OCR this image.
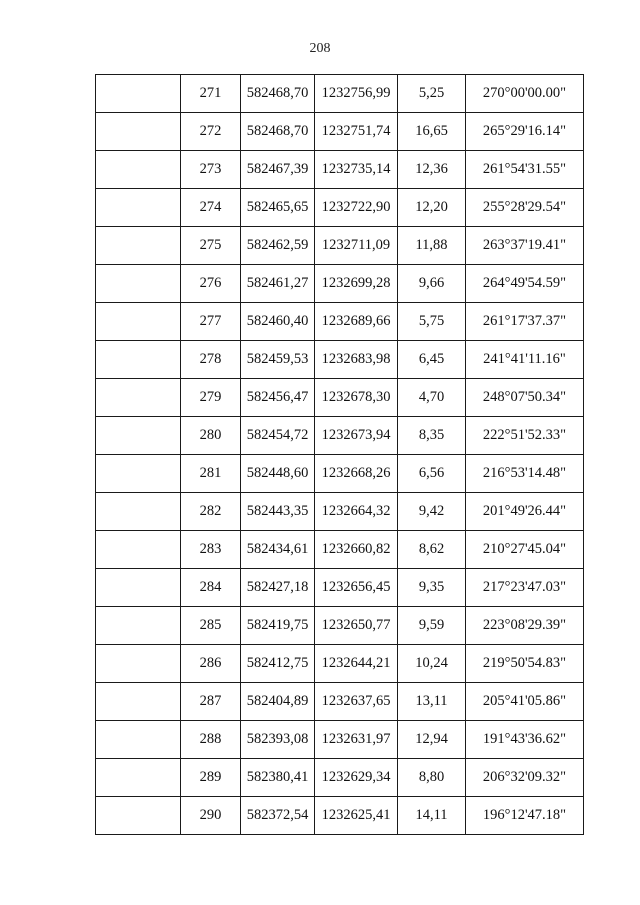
208

	271	582468,70	1232756,99	5,25	270°00'00.00"

	272	582468,70	1232751,74	16,65	265°29'16.14"

	273	582467,39	1232735,14	12,36	261°54'31.55"

	274	582465,65	1232722,90	12,20	255°28'29.54"

	275	582462,59	1232711,09	11,88	263°37'19.41"

	276	582461,27	1232699,28	9,66	264°49'54.59"

	277	582460,40	1232689,66	5,75	261°17'37.37"

	278	582459,53	1232683,98	6,45	241°41'11.16"

	279	582456,47	1232678,30	4,70	248°07'50.34"

	280	582454,72	1232673,94	8,35	222°51'52.33"

	281	582448,60	1232668,26	6,56	216°53'14.48"

	282	582443,35	1232664,32	9,42	201°49'26.44"

	283	582434,61	1232660,82	8,62	210°27'45.04"

	284	582427,18	1232656,45	9,35	217°23'47.03"

	285	582419,75	1232650,77	9,59	223°08'29.39"

	286	582412,75	1232644,21	10,24	219°50'54.83"

	287	582404,89	1232637,65	13,11	205°41'05.86"

	288	582393,08	1232631,97	12,94	191°43'36.62"

	289	582380,41	1232629,34	8,80	206°32'09.32"

	290	582372,54	1232625,41	14,11	196°12'47.18"
